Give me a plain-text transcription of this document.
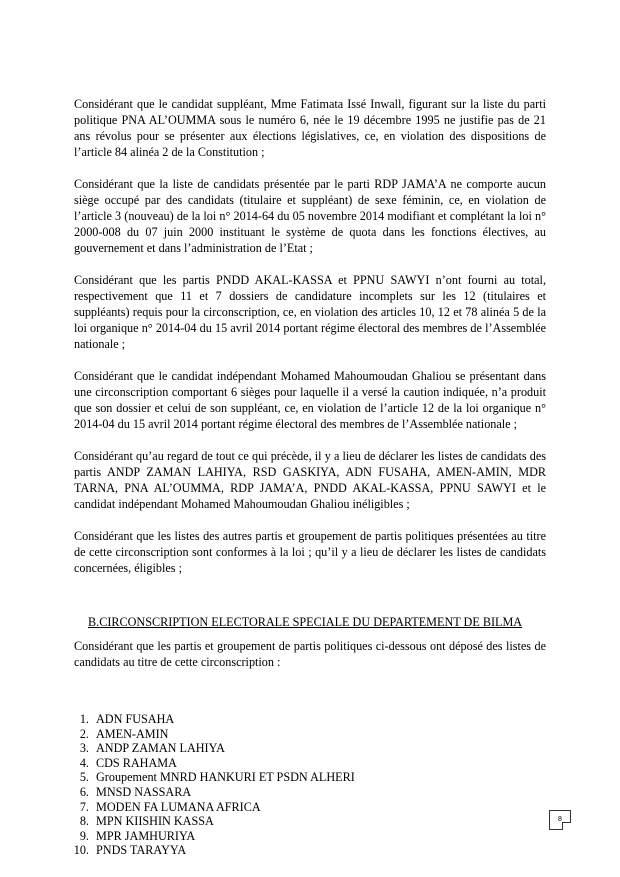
Considérant que le candidat suppléant, Mme Fatimata Issé Inwall, figurant sur la liste du parti politique PNA AL’OUMMA sous le numéro 6, née le 19 décembre 1995 ne justifie pas de 21 ans révolus pour se présenter aux élections législatives, ce, en violation des dispositions de l’article 84 alinéa 2 de la Constitution ;

Considérant que la liste de candidats présentée par le parti RDP JAMA’A ne comporte aucun siège occupé par des candidats (titulaire et suppléant) de sexe féminin, ce, en violation de l’article 3 (nouveau) de la loi n° 2014-64 du 05 novembre 2014 modifiant et complétant la loi n° 2000-008 du 07 juin 2000 instituant le système de quota dans les fonctions électives, au gouvernement et dans l’administration de l’Etat ;

Considérant que les partis PNDD AKAL-KASSA et PPNU SAWYI n’ont fourni au total, respectivement que 11 et 7 dossiers de candidature incomplets sur les 12 (titulaires et suppléants) requis pour la circonscription, ce, en violation des articles 10, 12 et 78 alinéa 5 de la loi organique n° 2014-04 du 15 avril 2014 portant régime électoral des membres de l’Assemblée nationale ;

Considérant que le candidat indépendant Mohamed Mahoumoudan Ghaliou se présentant dans une circonscription comportant 6 sièges pour laquelle il a versé la caution indiquée, n’a produit que son dossier et celui de son suppléant, ce, en violation de l’article 12 de la loi organique n° 2014-04 du 15 avril 2014 portant régime électoral des membres de l’Assemblée nationale ;

Considérant qu’au regard de tout ce qui précède, il y a lieu de déclarer les listes de candidats des partis ANDP ZAMAN LAHIYA, RSD GASKIYA, ADN FUSAHA, AMEN-AMIN, MDR TARNA, PNA AL’OUMMA, RDP JAMA’A, PNDD AKAL-KASSA, PPNU SAWYI et le candidat indépendant Mohamed Mahoumoudan Ghaliou inéligibles ;

Considérant que les listes des autres partis et groupement de partis politiques présentées au titre de cette circonscription sont conformes à la loi ; qu’il y a lieu de déclarer les listes de candidats concernées, éligibles ;

B.CIRCONSCRIPTION ELECTORALE SPECIALE DU DEPARTEMENT DE BILMA

Considérant que les partis et groupement de partis politiques ci-dessous ont déposé des listes de candidats au titre de cette circonscription :

1. ADN FUSAHA
2. AMEN-AMIN
3. ANDP ZAMAN LAHIYA
4. CDS RAHAMA
5. Groupement MNRD HANKURI ET PSDN ALHERI
6. MNSD NASSARA
7. MODEN FA LUMANA AFRICA
8. MPN KIISHIN KASSA
9. MPR JAMHURIYA
10. PNDS TARAYYA
8
